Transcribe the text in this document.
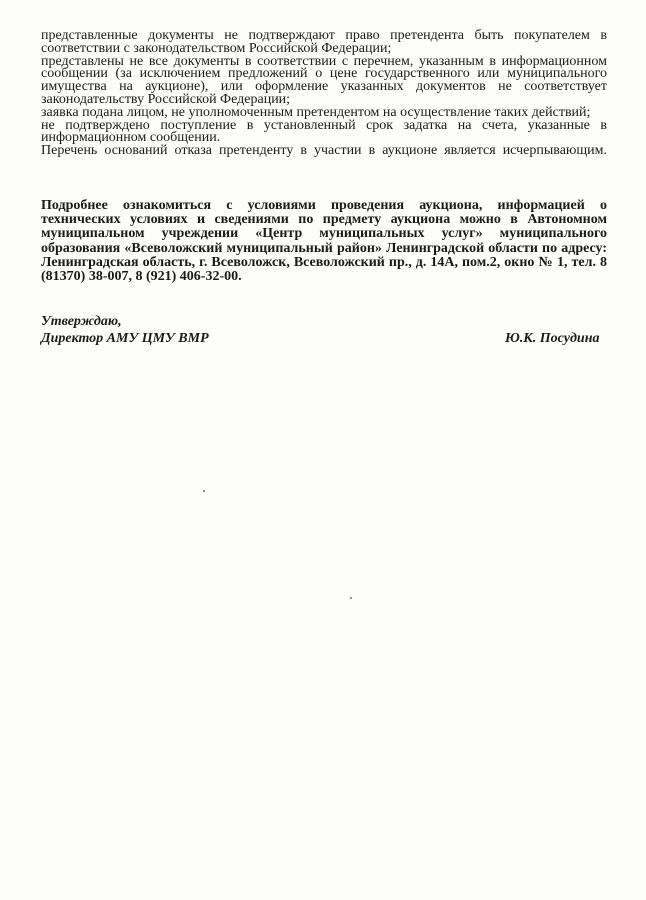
представленные документы не подтверждают право претендента быть покупателем в соответствии с законодательством Российской Федерации;

представлены не все документы в соответствии с перечнем, указанным в информационном сообщении (за исключением предложений о цене государственного или муниципального имущества на аукционе), или оформление указанных документов не соответствует законодательству Российской Федерации;

заявка подана лицом, не уполномоченным претендентом на осуществление таких действий;

не подтверждено поступление в установленный срок задатка на счета, указанные в информационном сообщении.

Перечень оснований отказа претенденту в участии в аукционе является исчерпывающим.

Подробнее ознакомиться с условиями проведения аукциона, информацией о технических условиях и сведениями по предмету аукциона можно в Автономном муниципальном учреждении «Центр муниципальных услуг» муниципального образования «Всеволожский муниципальный район» Ленинградской области по адресу: Ленинградская область, г. Всеволожск, Всеволожский пр., д. 14А, пом.2, окно № 1, тел. 8 (81370) 38-007, 8 (921) 406-32-00.

Утверждаю,
Директор АМУ ЦМУ ВМР	Ю.К. Посудина
